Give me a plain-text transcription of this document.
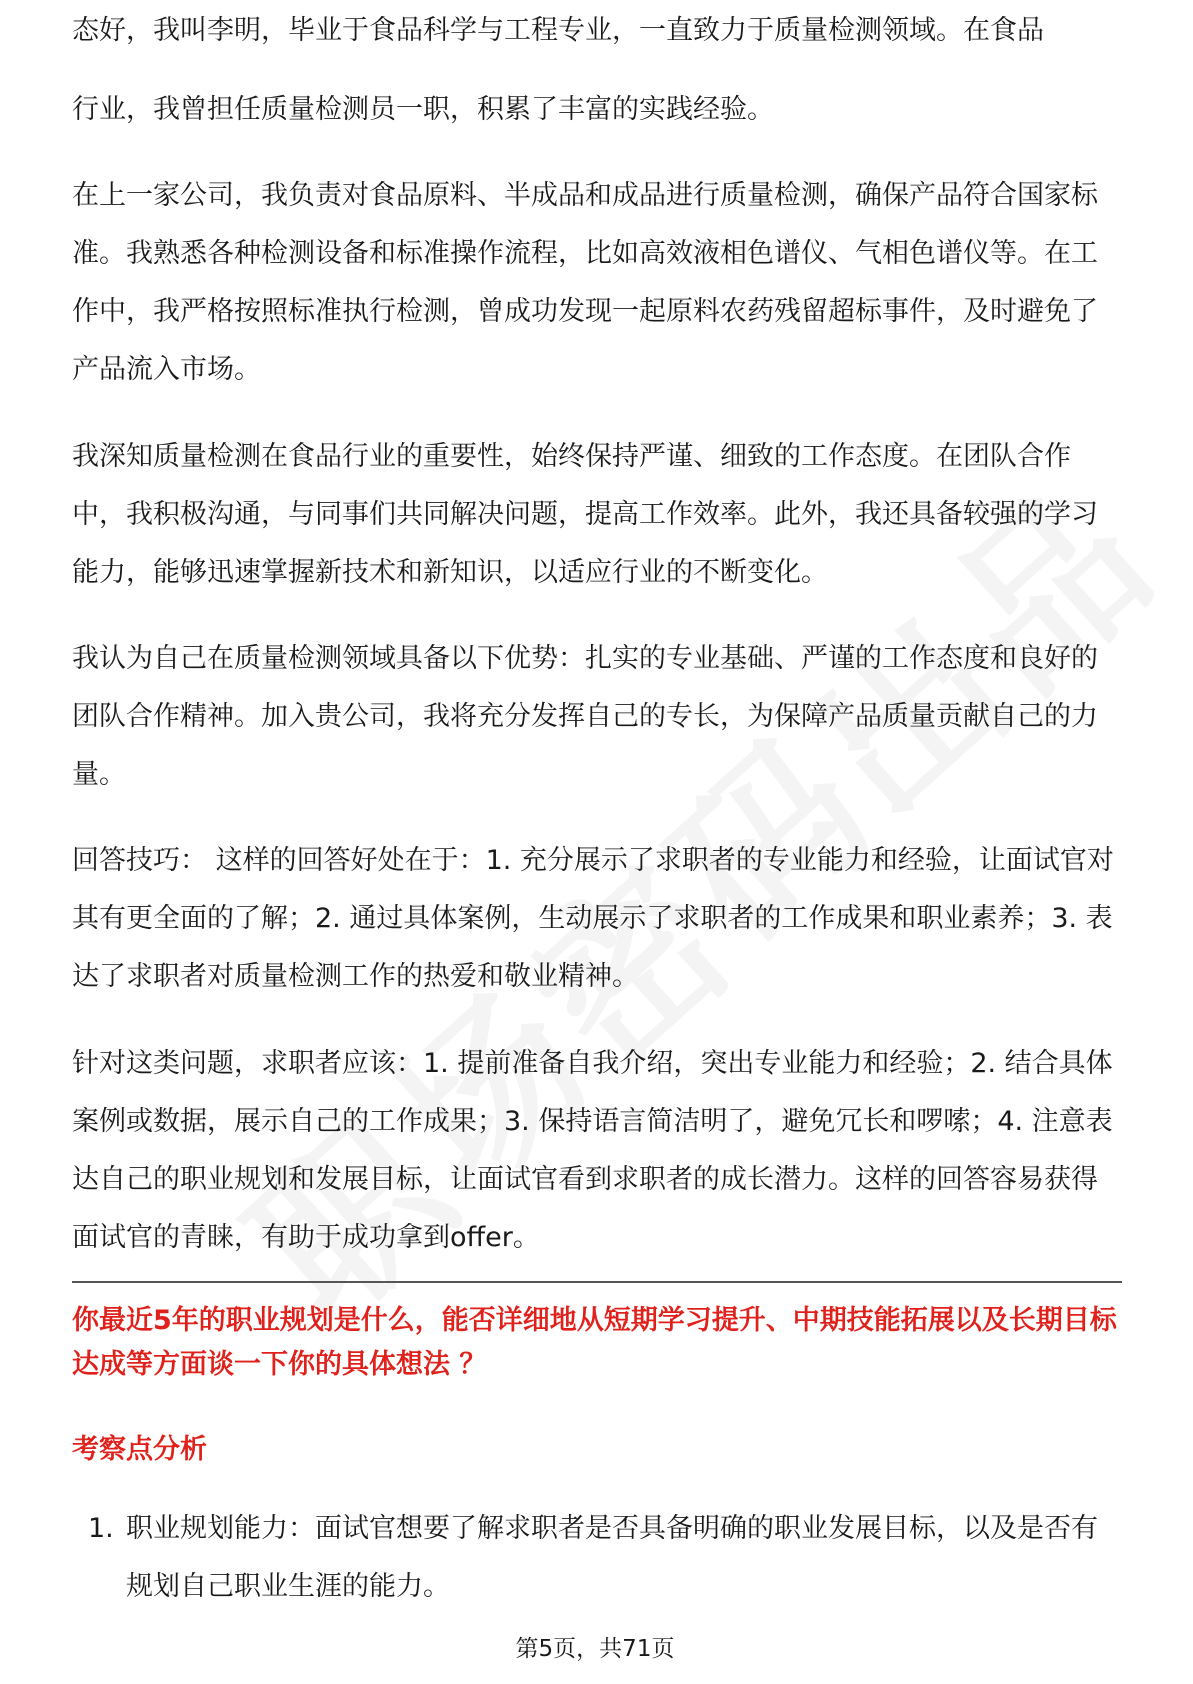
态好，我叫李明，毕业于食品科学与工程专业，一直致力于质量检测领域。在食品

行业，我曾担任质量检测员一职，积累了丰富的实践经验。

在上一家公司，我负责对食品原料、半成品和成品进行质量检测，确保产品符合国家标准。我熟悉各种检测设备和标准操作流程，比如高效液相色谱仪、气相色谱仪等。在工作中，我严格按照标准执行检测，曾成功发现一起原料农药残留超标事件，及时避免了产品流入市场。

我深知质量检测在食品行业的重要性，始终保持严谨、细致的工作态度。在团队合作中，我积极沟通，与同事们共同解决问题，提高工作效率。此外，我还具备较强的学习能力，能够迅速掌握新技术和新知识，以适应行业的不断变化。

我认为自己在质量检测领域具备以下优势：扎实的专业基础、严谨的工作态度和良好的团队合作精神。加入贵公司，我将充分发挥自己的专长，为保障产品质量贡献自己的力量。

回答技巧： 这样的回答好处在于：1. 充分展示了求职者的专业能力和经验，让面试官对其有更全面的了解；2. 通过具体案例，生动展示了求职者的工作成果和职业素养；3. 表达了求职者对质量检测工作的热爱和敬业精神。

针对这类问题，求职者应该：1. 提前准备自我介绍，突出专业能力和经验；2. 结合具体案例或数据，展示自己的工作成果；3. 保持语言简洁明了，避免冗长和啰嗦；4. 注意表达自己的职业规划和发展目标，让面试官看到求职者的成长潜力。这样的回答容易获得面试官的青睐，有助于成功拿到offer。

你最近5年的职业规划是什么，能否详细地从短期学习提升、中期技能拓展以及长期目标达成等方面谈一下你的具体想法 ？

考察点分析

1. 职业规划能力：面试官想要了解求职者是否具备明确的职业发展目标，以及是否有规划自己职业生涯的能力。

第5页，共71页
